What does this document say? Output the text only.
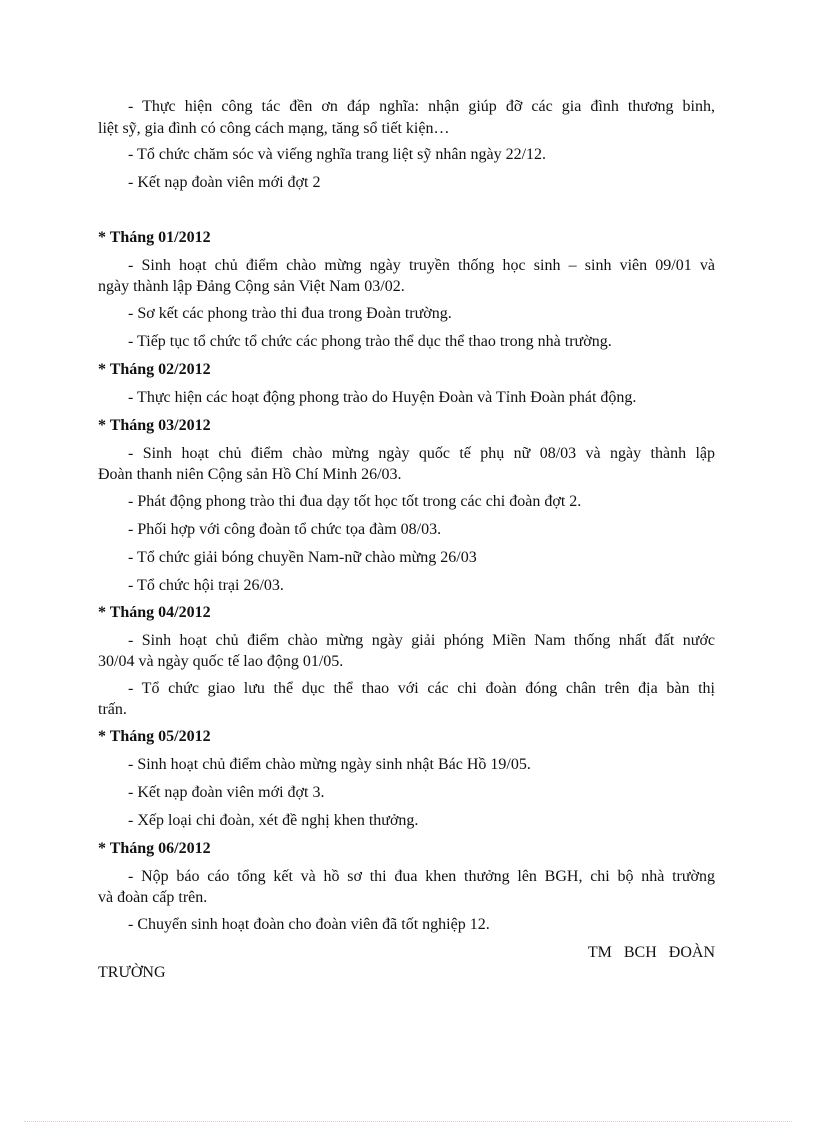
- Thực hiện công tác đền ơn đáp nghĩa: nhận giúp đỡ các gia đình thương binh,
liệt sỹ, gia đình có công cách mạng, tăng sổ tiết kiện…
- Tổ chức chăm sóc và viếng nghĩa trang liệt sỹ nhân ngày 22/12.
- Kết nạp đoàn viên mới đợt 2
* Tháng 01/2012
- Sinh hoạt chủ điểm chào mừng ngày truyền thống học sinh – sinh viên 09/01 và
ngày thành lập Đảng Cộng sản Việt Nam 03/02.
- Sơ kết các phong trào thi đua trong Đoàn trường.
- Tiếp tục tổ chức tổ chức các phong trào thể dục thể thao trong nhà trường.
* Tháng 02/2012
- Thực hiện các hoạt động phong trào do Huyện Đoàn và Tỉnh Đoàn phát động.
* Tháng 03/2012
- Sinh hoạt chủ điểm chào mừng ngày quốc tế phụ nữ 08/03 và ngày thành lập
Đoàn thanh niên Cộng sản Hồ Chí Minh 26/03.
- Phát động phong trào thi đua dạy tốt học tốt trong các chi đoàn đợt 2.
- Phối hợp với công đoàn tổ chức tọa đàm 08/03.
- Tổ chức giải bóng chuyền Nam-nữ chào mừng 26/03
- Tổ chức hội trại 26/03.
* Tháng 04/2012
- Sinh hoạt chủ điểm chào mừng ngày giải phóng Miền Nam thống nhất đất nước
30/04 và ngày quốc tế lao động 01/05.
- Tổ chức giao lưu thể dục thể thao với các chi đoàn đóng chân trên địa bàn thị
trấn.
* Tháng 05/2012
- Sinh hoạt chủ điểm chào mừng ngày sinh nhật Bác Hồ 19/05.
- Kết nạp đoàn viên mới đợt 3.
- Xếp loại chi đoàn, xét đề nghị khen thưởng.
* Tháng 06/2012
- Nộp báo cáo tổng kết và hồ sơ thi đua khen thưởng lên BGH, chi bộ nhà trường
và đoàn cấp trên.
- Chuyển sinh hoạt đoàn cho đoàn viên đã tốt nghiệp 12.
TM BCH ĐOÀN
TRƯỜNG
